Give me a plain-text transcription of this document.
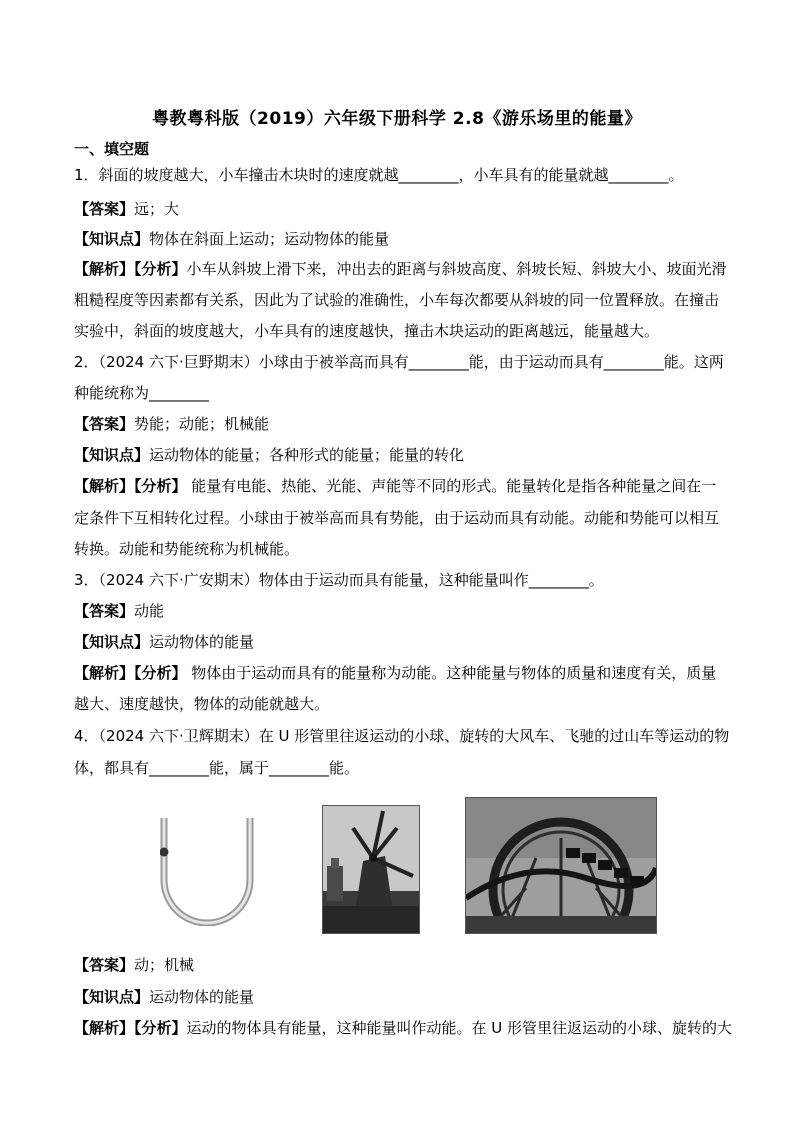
粤教粤科版（2019）六年级下册科学 2.8《游乐场里的能量》
一、填空题
1．斜面的坡度越大，小车撞击木块时的速度就越________，小车具有的能量就越________。
【答案】远；大
【知识点】物体在斜面上运动；运动物体的能量
【解析】【分析】小车从斜坡上滑下来，冲出去的距离与斜坡高度、斜坡长短、斜坡大小、坡面光滑
粗糙程度等因素都有关系，因此为了试验的准确性，小车每次都要从斜坡的同一位置释放。在撞击
实验中，斜面的坡度越大，小车具有的速度越快，撞击木块运动的距离越远，能量越大。
2．（2024 六下·巨野期末）小球由于被举高而具有________能，由于运动而具有________能。这两
种能统称为________
【答案】势能；动能；机械能
【知识点】运动物体的能量；各种形式的能量；能量的转化
【解析】【分析】 能量有电能、热能、光能、声能等不同的形式。能量转化是指各种能量之间在一
定条件下互相转化过程。小球由于被举高而具有势能，由于运动而具有动能。动能和势能可以相互
转换。动能和势能统称为机械能。
3．（2024 六下·广安期末）物体由于运动而具有能量，这种能量叫作________。
【答案】动能
【知识点】运动物体的能量
【解析】【分析】 物体由于运动而具有的能量称为动能。这种能量与物体的质量和速度有关，质量
越大、速度越快，物体的动能就越大。
4．（2024 六下·卫辉期末）在 U 形管里往返运动的小球、旋转的大风车、飞驰的过山车等运动的物
体，都具有________能，属于________能。
【答案】动；机械
【知识点】运动物体的能量
【解析】【分析】运动的物体具有能量，这种能量叫作动能。在 U 形管里往返运动的小球、旋转的大
